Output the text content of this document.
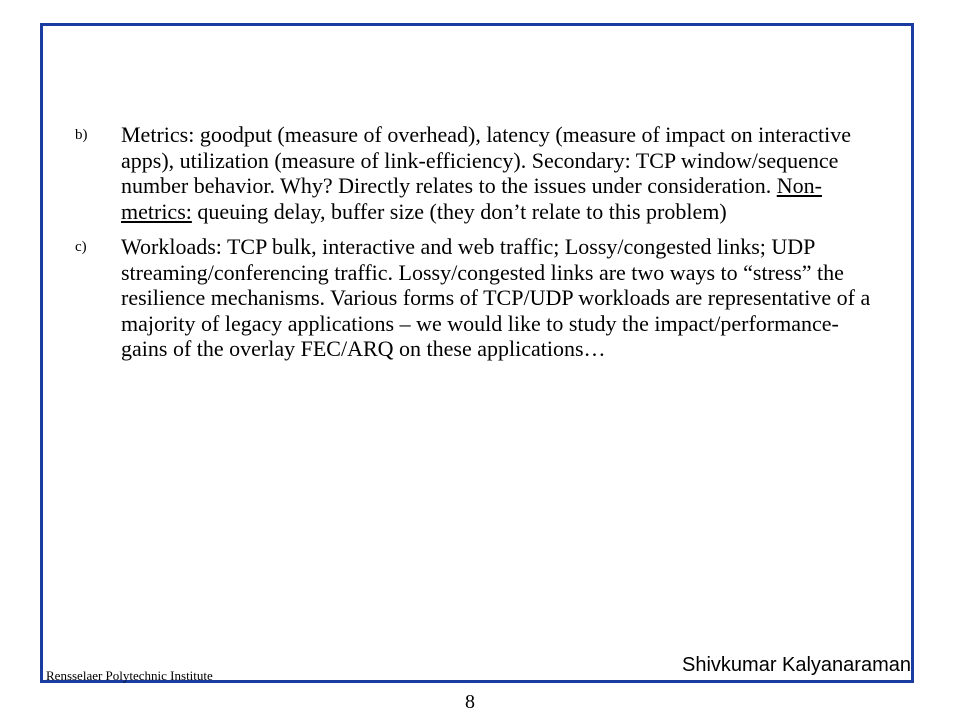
b)	Metrics: goodput (measure of overhead), latency (measure of impact on interactive apps), utilization (measure of link-efficiency). Secondary: TCP window/sequence number behavior. Why? Directly relates to the issues under consideration. Non-metrics: queuing delay, buffer size (they don’t relate to this problem)
c)	Workloads: TCP bulk, interactive and web traffic; Lossy/congested links; UDP streaming/conferencing traffic. Lossy/congested links are two ways to “stress” the resilience mechanisms. Various forms of TCP/UDP workloads are representative of a majority of legacy applications – we would like to study the impact/performance-gains of the overlay FEC/ARQ on these applications…
Shivkumar Kalyanaraman
Rensselaer Polytechnic Institute
8
